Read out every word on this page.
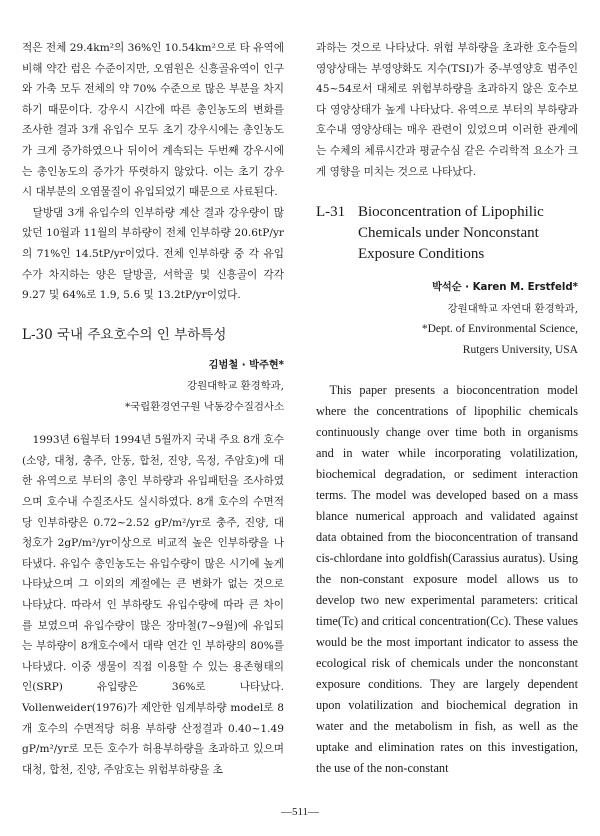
적은 전체 29.4km²의 36%인 10.54km²으로 타 유역에 비해 약간 럼은 수준이지만, 오염원은 신흥골유역이 인구와 가축 모두 전체의 약 70% 수준으로 많은 부분을 차지하기 때문이다. 강우시 시간에 따른 총인농도의 변화를 조사한 결과 3개 유입수 모두 초기 강우시에는 총인농도가 크게 증가하였으나 뒤이어 계속되는 두번째 강우시에는 총인농도의 증가가 뚜렷하지 않았다. 이는 초기 강우시 대부분의 오염물질이 유입되었기 때문으로 사료된다.

달방댐 3개 유입수의 인부하량 계산 결과 강우량이 많았던 10월과 11월의 부하량이 전체 인부하량 20.6tP/yr의 71%인 14.5tP/yr이었다. 전체 인부하량 중 각 유입수가 차지하는 양은 달방골, 서학골 및 신흥골이 각각 9.27 및 64%로 1.9, 5.6 및 13.2tP/yr이었다.

L-30 국내 주요호수의 인 부하특성
김범철 · 박주현*
강원대학교 환경학과,
*국립환경연구원 낙동강수질검사소

1993년 6월부터 1994년 5월까지 국내 주요 8개 호수(소양, 대청, 충주, 안동, 합천, 진양, 옥정, 주암호)에 대한 유역으로 부터의 총인 부하량과 유입패턴을 조사하였으며 호수내 수질조사도 실시하였다. 8개 호수의 수면적당 인부하량은 0.72~2.52 gP/m²/yr로 충주, 진양, 대청호가 2gP/m²/yr이상으로 비교적 높은 인부하량을 나타냈다. 유입수 총인농도는 유입수량이 많은 시기에 높게 나타났으며 그 이외의 계절에는 큰 변화가 없는 것으로 나타났다. 따라서 인 부하량도 유입수량에 따라 큰 차이를 보였으며 유입수량이 많은 장마철(7~9월)에 유입되는 부하량이 8개호수에서 대략 연간 인 부하량의 80%를 나타냈다. 이중 생물이 직접 이용할 수 있는 용존형태의 인(SRP) 유입량은 36%로 나타났다. Vollenweider(1976)가 제안한 임계부하량 model로 8개 호수의 수면적당 허용 부하량 산정결과 0.40~1.49 gP/m²/yr로 모든 호수가 허용부하량을 초과하고 있으며 대청, 합천, 진양, 주암호는 위험부하량을 초

과하는 것으로 나타났다. 위험 부하량을 초과한 호수들의 영양상태는 부영양화도 지수(TSI)가 중-부영양호 범주인 45~54로서 대체로 위험부하량을 초과하지 않은 호수보다 영양상태가 높게 나타났다. 유역으로 부터의 부하량과 호수내 영양상태는 매우 관련이 있었으며 이러한 관계에는 수체의 체류시간과 평균수심 같은 수리학적 요소가 크게 영향을 미치는 것으로 나타났다.

L-31 Bioconcentration of Lipophilic Chemicals under Nonconstant Exposure Conditions
박석순 · Karen M. Erstfeld*
강원대학교 자연대 환경학과,
*Dept. of Environmental Science,
Rutgers University, USA

This paper presents a bioconcentration model where the concentrations of lipophilic chemicals continuously change over time both in organisms and in water while incorporating volatilization, biochemical degradation, or sediment interaction terms. The model was developed based on a mass blance numerical approach and validated against data obtained from the bioconcentration of transand cis-chlordane into goldfish(Carassius auratus). Using the non-constant exposure model allows us to develop two new experimental parameters: critical time(Tc) and critical concentration(Cc). These values would be the most important indicator to assess the ecological risk of chemicals under the nonconstant exposure conditions. They are largely dependent upon volatilization and biochemical degration in water and the metabolism in fish, as well as the uptake and elimination rates on this investigation, the use of the non-constant

—511—
